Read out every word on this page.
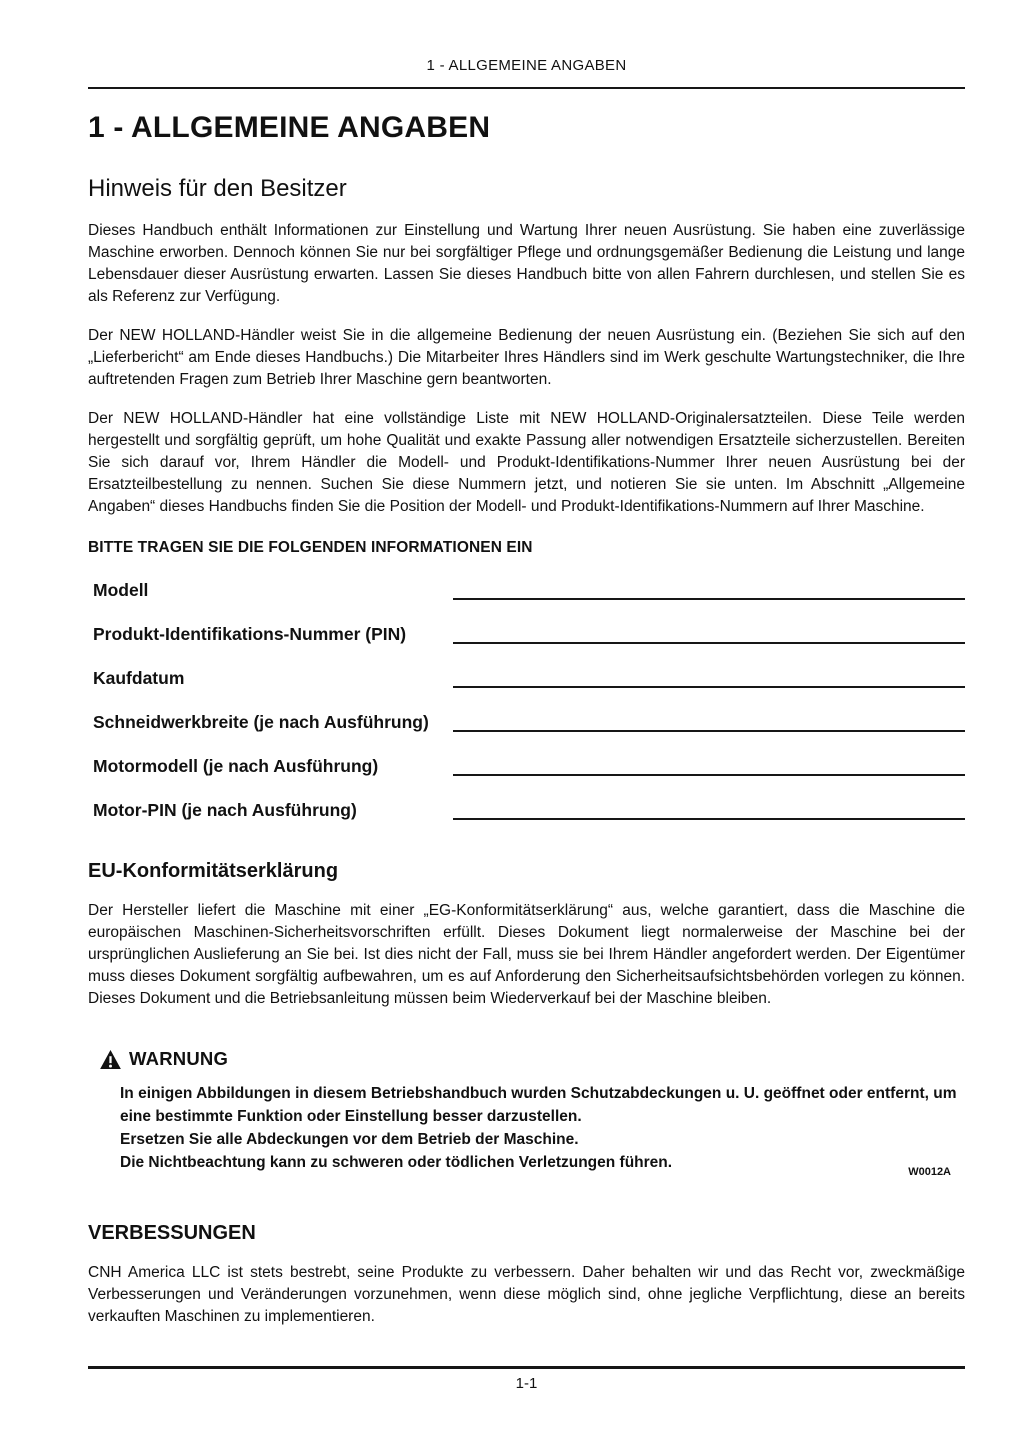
1 - ALLGEMEINE ANGABEN
1 - ALLGEMEINE ANGABEN
Hinweis für den Besitzer

Dieses Handbuch enthält Informationen zur Einstellung und Wartung Ihrer neuen Ausrüstung. Sie haben eine zuverlässige Maschine erworben. Dennoch können Sie nur bei sorgfältiger Pflege und ordnungsgemäßer Bedienung die Leistung und lange Lebensdauer dieser Ausrüstung erwarten. Lassen Sie dieses Handbuch bitte von allen Fahrern durchlesen, und stellen Sie es als Referenz zur Verfügung.

Der NEW HOLLAND-Händler weist Sie in die allgemeine Bedienung der neuen Ausrüstung ein. (Beziehen Sie sich auf den „Lieferbericht“ am Ende dieses Handbuchs.) Die Mitarbeiter Ihres Händlers sind im Werk geschulte Wartungstechniker, die Ihre auftretenden Fragen zum Betrieb Ihrer Maschine gern beantworten.

Der NEW HOLLAND-Händler hat eine vollständige Liste mit NEW HOLLAND-Originalersatzteilen. Diese Teile werden hergestellt und sorgfältig geprüft, um hohe Qualität und exakte Passung aller notwendigen Ersatzteile sicherzustellen. Bereiten Sie sich darauf vor, Ihrem Händler die Modell- und Produkt-Identifikations-Nummer Ihrer neuen Ausrüstung bei der Ersatzteilbestellung zu nennen. Suchen Sie diese Nummern jetzt, und notieren Sie sie unten. Im Abschnitt „Allgemeine Angaben“ dieses Handbuchs finden Sie die Position der Modell- und Produkt-Identifikations-Nummern auf Ihrer Maschine.

BITTE TRAGEN SIE DIE FOLGENDEN INFORMATIONEN EIN
Modell
Produkt-Identifikations-Nummer (PIN)
Kaufdatum
Schneidwerkbreite (je nach Ausführung)
Motormodell (je nach Ausführung)
Motor-PIN (je nach Ausführung)
EU-Konformitätserklärung

Der Hersteller liefert die Maschine mit einer „EG-Konformitätserklärung“ aus, welche garantiert, dass die Maschine die europäischen Maschinen-Sicherheitsvorschriften erfüllt. Dieses Dokument liegt normalerweise der Maschine bei der ursprünglichen Auslieferung an Sie bei. Ist dies nicht der Fall, muss sie bei Ihrem Händler angefordert werden. Der Eigentümer muss dieses Dokument sorgfältig aufbewahren, um es auf Anforderung den Sicherheitsaufsichtsbehörden vorlegen zu können. Dieses Dokument und die Betriebsanleitung müssen beim Wiederverkauf bei der Maschine bleiben.

WARNUNG
In einigen Abbildungen in diesem Betriebshandbuch wurden Schutzabdeckungen u. U. geöffnet oder entfernt, um eine bestimmte Funktion oder Einstellung besser darzustellen.
Ersetzen Sie alle Abdeckungen vor dem Betrieb der Maschine.
Die Nichtbeachtung kann zu schweren oder tödlichen Verletzungen führen.
W0012A
VERBESSUNGEN

CNH America LLC ist stets bestrebt, seine Produkte zu verbessern. Daher behalten wir und das Recht vor, zweckmäßige Verbesserungen und Veränderungen vorzunehmen, wenn diese möglich sind, ohne jegliche Verpflichtung, diese an bereits verkauften Maschinen zu implementieren.

1-1
